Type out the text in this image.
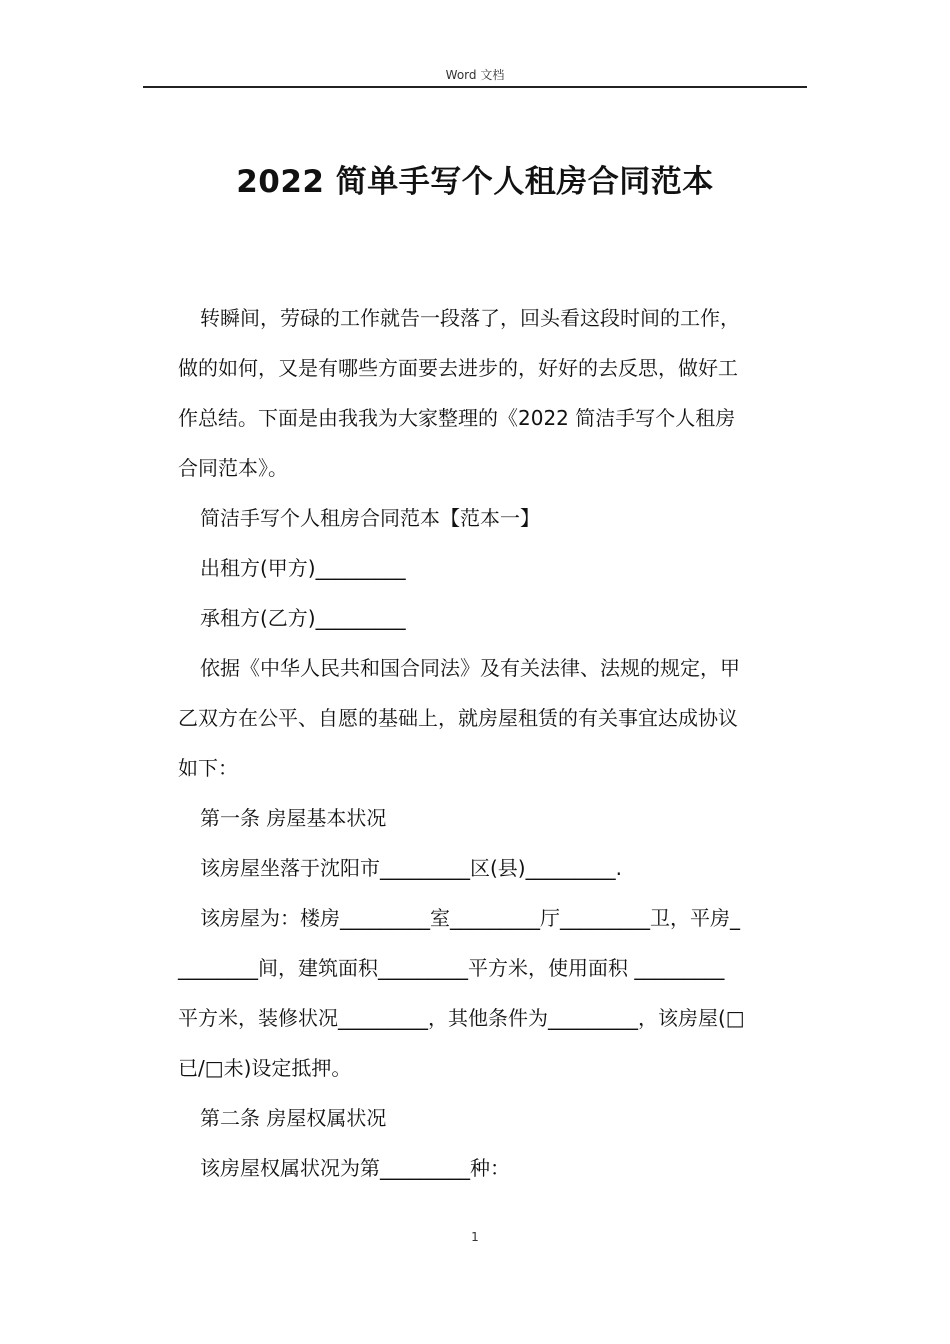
Word 文档
2022 简单手写个人租房合同范本
转瞬间，劳碌的工作就告一段落了，回头看这段时间的工作，
做的如何，又是有哪些方面要去进步的，好好的去反思，做好工
作总结。下面是由我我为大家整理的《2022 简洁手写个人租房
合同范本》。
简洁手写个人租房合同范本【范本一】
出租方(甲方)_________
承租方(乙方)_________
依据《中华人民共和国合同法》及有关法律、法规的规定，甲
乙双方在公平、自愿的基础上，就房屋租赁的有关事宜达成协议
如下：
第一条 房屋基本状况
该房屋坐落于沈阳市_________区(县)_________.
该房屋为：楼房_________室_________厅_________卫，平房_
________间，建筑面积_________平方米，使用面积 _________
平方米，装修状况_________，其他条件为_________，该房屋(□
已/□未)设定抵押。
第二条 房屋权属状况
该房屋权属状况为第_________种：
1
